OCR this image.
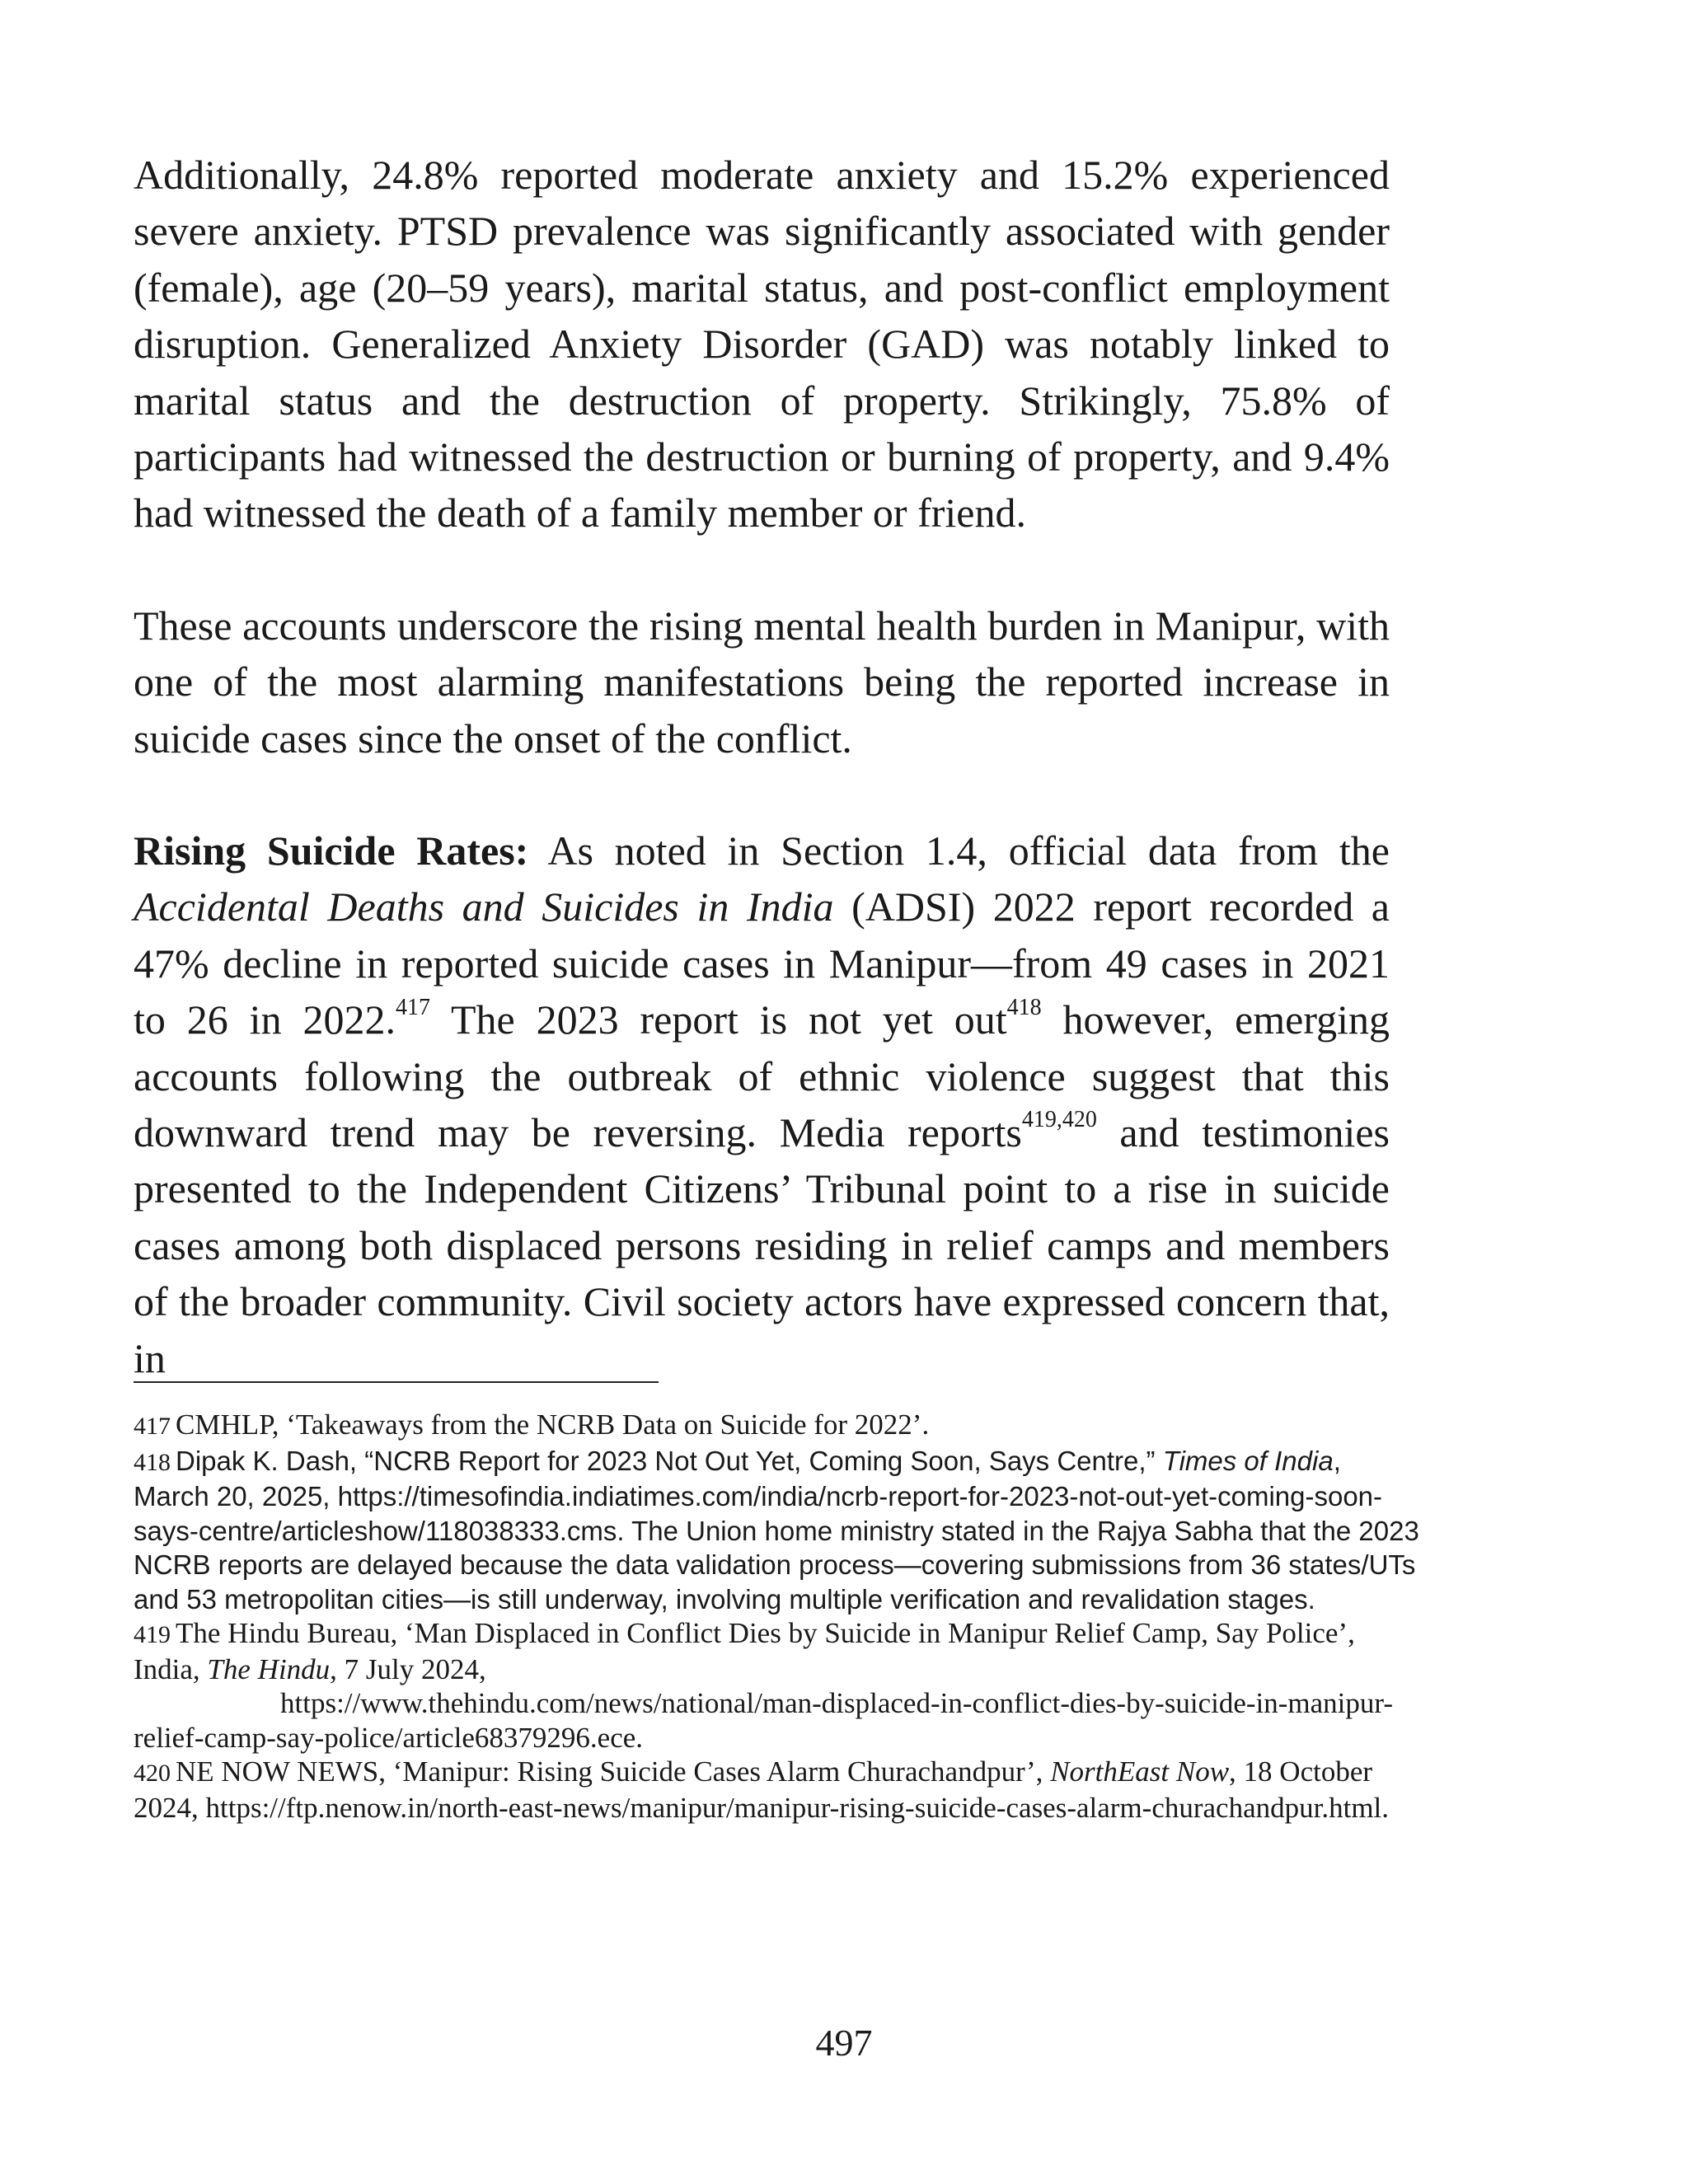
Additionally, 24.8% reported moderate anxiety and 15.2% experienced severe anxiety. PTSD prevalence was significantly associated with gender (female), age (20–59 years), marital status, and post-conflict employment disruption. Generalized Anxiety Disorder (GAD) was notably linked to marital status and the destruction of property. Strikingly, 75.8% of participants had witnessed the destruction or burning of property, and 9.4% had witnessed the death of a family member or friend.

These accounts underscore the rising mental health burden in Manipur, with one of the most alarming manifestations being the reported increase in suicide cases since the onset of the conflict.

Rising Suicide Rates: As noted in Section 1.4, official data from the Accidental Deaths and Suicides in India (ADSI) 2022 report recorded a 47% decline in reported suicide cases in Manipur—from 49 cases in 2021 to 26 in 2022.$^{417}$ The 2023 report is not yet out$^{418}$ however, emerging accounts following the outbreak of ethnic violence suggest that this downward trend may be reversing. Media reports$^{419,420}$ and testimonies presented to the Independent Citizens’ Tribunal point to a rise in suicide cases among both displaced persons residing in relief camps and members of the broader community. Civil society actors have expressed concern that, in

417 CMHLP, ‘Takeaways from the NCRB Data on Suicide for 2022’.

418 Dipak K. Dash, “NCRB Report for 2023 Not Out Yet, Coming Soon, Says Centre,” Times of India, March 20, 2025, https://timesofindia.indiatimes.com/india/ncrb-report-for-2023-not-out-yet-coming-soon-says-centre/articleshow/118038333.cms. The Union home ministry stated in the Rajya Sabha that the 2023 NCRB reports are delayed because the data validation process—covering submissions from 36 states/UTs and 53 metropolitan cities—is still underway, involving multiple verification and revalidation stages.

419 The Hindu Bureau, ‘Man Displaced in Conflict Dies by Suicide in Manipur Relief Camp, Say Police’, India, The Hindu, 7 July 2024,
https://www.thehindu.com/news/national/man-displaced-in-conflict-dies-by-suicide-in-manipur-relief-camp-say-police/article68379296.ece.

420 NE NOW NEWS, ‘Manipur: Rising Suicide Cases Alarm Churachandpur’, NorthEast Now, 18 October 2024, https://ftp.nenow.in/north-east-news/manipur/manipur-rising-suicide-cases-alarm-churachandpur.html.

497
